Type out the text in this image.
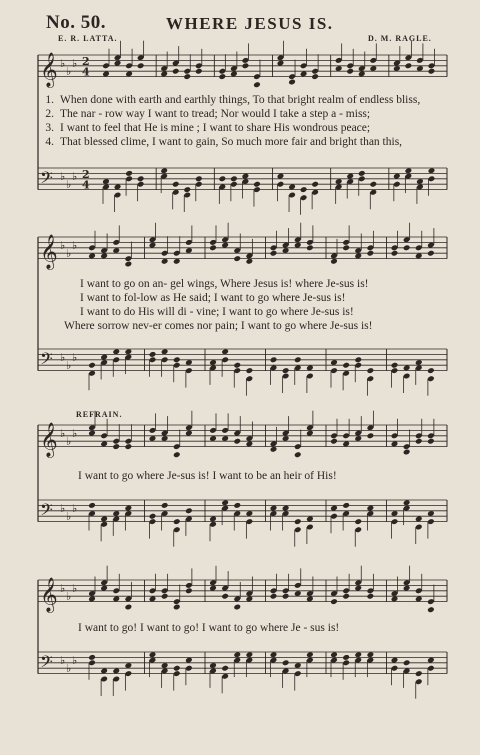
𝄞 ♭
♭
♭ 2
4
𝄢 ♭
♭
♭ 2
4
𝄞 ♭
♭
♭
𝄢 ♭
♭
♭
𝄞 ♭
♭
♭
𝄢 ♭
♭
♭
𝄞 ♭
♭
♭
𝄢 ♭
♭
♭
No. 50.	WHERE JESUS IS.
E. R. LATTA.	D. M. RAGLE.
1. When done with earth and earthly things, To that bright realm of endless bliss,
2. The nar - row way I want to tread; Nor would I take a step a - miss;
3. I want to feel that He is mine ; I want to share His wondrous peace;
4. That blessed clime, I want to gain, So much more fair and bright than this,
I want to go on an- gel wings, Where Jesus is! where Je-sus is!
I want to fol-low as He said; I want to go where Je-sus is!
I want to do His will di - vine; I want to go where Je-sus is!
Where sorrow nev-er comes nor pain; I want to go where Je-sus is!
REFRAIN.
I want to go where Je-sus is! I want to be an heir of His!
I want to go! I want to go! I want to go where Je - sus is!
